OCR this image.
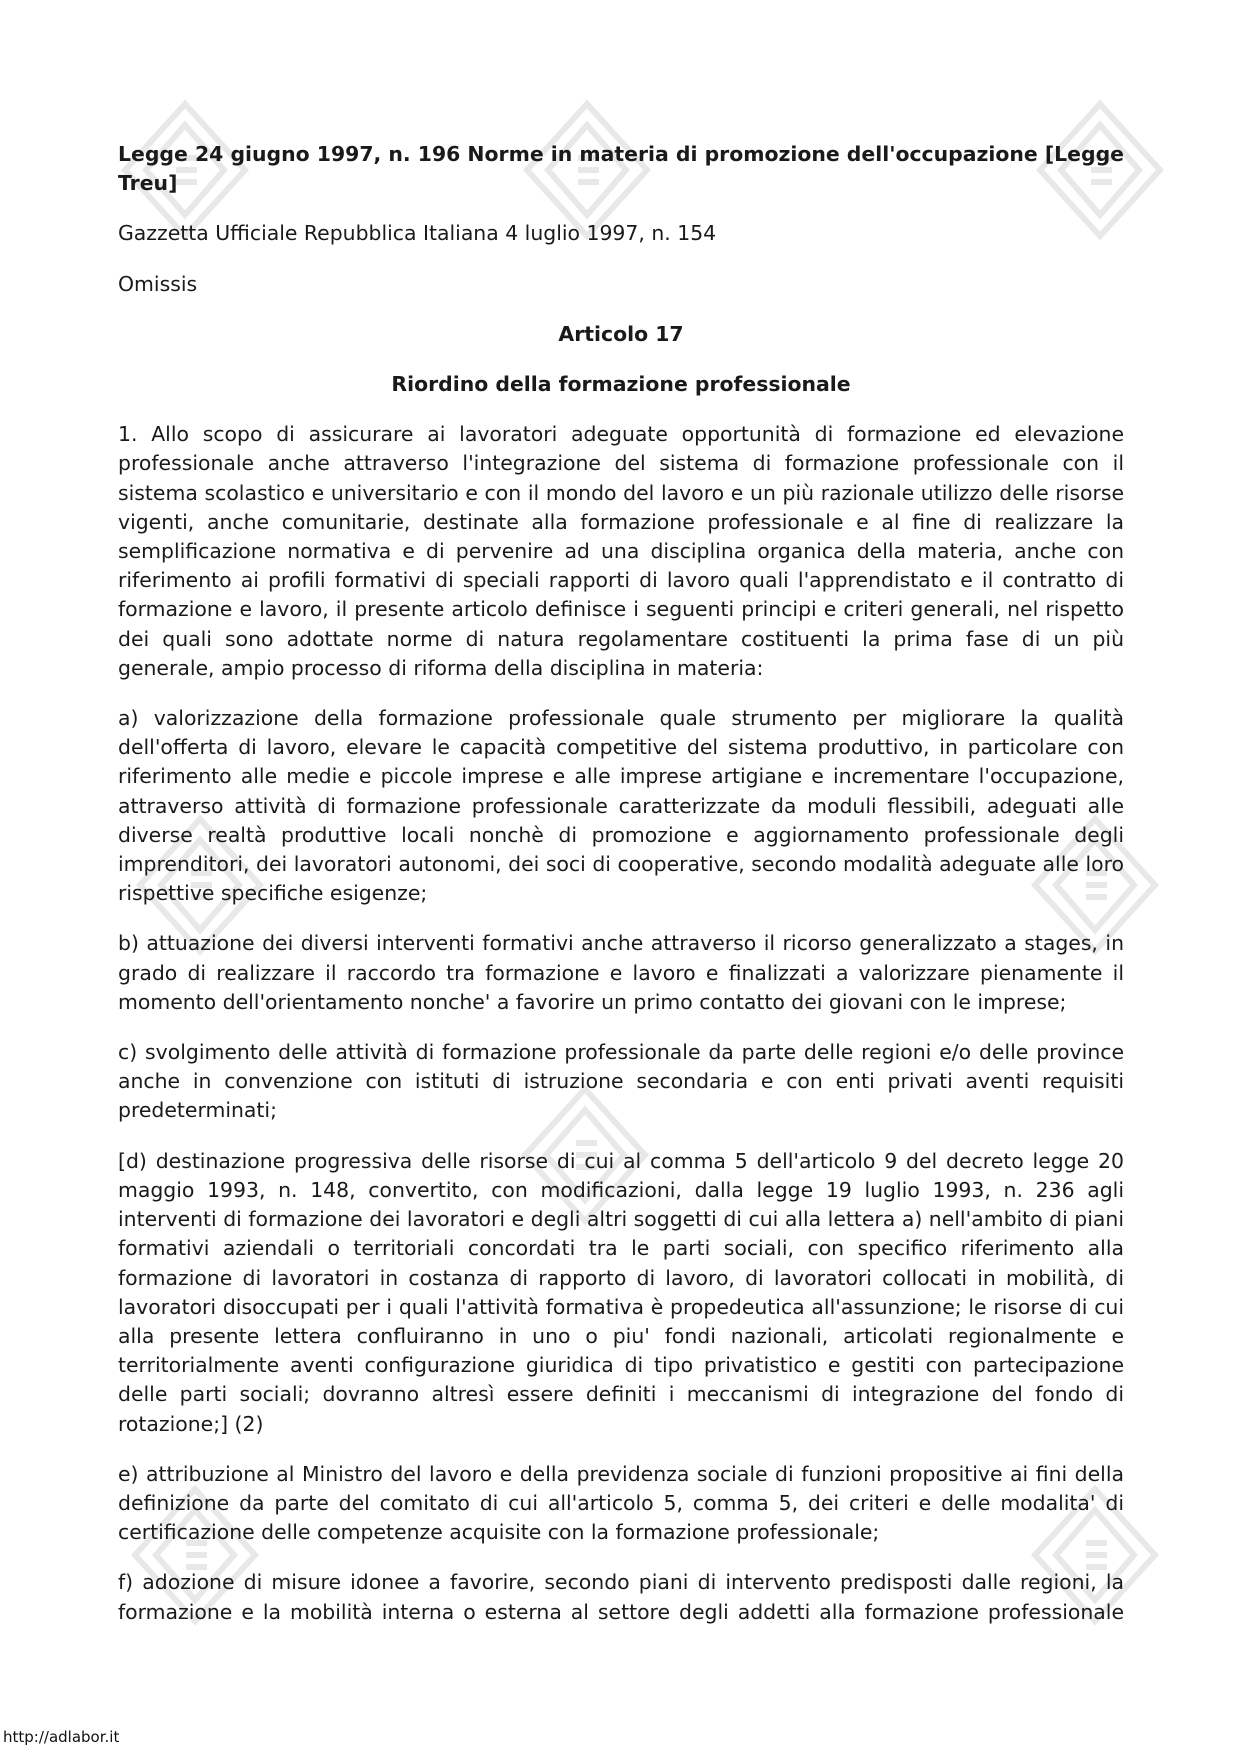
Legge 24 giugno 1997, n. 196 Norme in materia di promozione dell'occupazione [Legge Treu]

Gazzetta Ufficiale Repubblica Italiana 4 luglio 1997, n. 154

Omissis

Articolo 17

Riordino della formazione professionale

1. Allo scopo di assicurare ai lavoratori adeguate opportunità di formazione ed elevazione professionale anche attraverso l'integrazione del sistema di formazione professionale con il sistema scolastico e universitario e con il mondo del lavoro e un più razionale utilizzo delle risorse vigenti, anche comunitarie, destinate alla formazione professionale e al fine di realizzare la semplificazione normativa e di pervenire ad una disciplina organica della materia, anche con riferimento ai profili formativi di speciali rapporti di lavoro quali l'apprendistato e il contratto di formazione e lavoro, il presente articolo definisce i seguenti principi e criteri generali, nel rispetto dei quali sono adottate norme di natura regolamentare costituenti la prima fase di un più generale, ampio processo di riforma della disciplina in materia:

a) valorizzazione della formazione professionale quale strumento per migliorare la qualità dell'offerta di lavoro, elevare le capacità competitive del sistema produttivo, in particolare con riferimento alle medie e piccole imprese e alle imprese artigiane e incrementare l'occupazione, attraverso attività di formazione professionale caratterizzate da moduli flessibili, adeguati alle diverse realtà produttive locali nonchè di promozione e aggiornamento professionale degli imprenditori, dei lavoratori autonomi, dei soci di cooperative, secondo modalità adeguate alle loro rispettive specifiche esigenze;

b) attuazione dei diversi interventi formativi anche attraverso il ricorso generalizzato a stages, in grado di realizzare il raccordo tra formazione e lavoro e finalizzati a valorizzare pienamente il momento dell'orientamento nonche' a favorire un primo contatto dei giovani con le imprese;

c) svolgimento delle attività di formazione professionale da parte delle regioni e/o delle province anche in convenzione con istituti di istruzione secondaria e con enti privati aventi requisiti predeterminati;

[d) destinazione progressiva delle risorse di cui al comma 5 dell'articolo 9 del decreto legge 20 maggio 1993, n. 148, convertito, con modificazioni, dalla legge 19 luglio 1993, n. 236 agli interventi di formazione dei lavoratori e degli altri soggetti di cui alla lettera a) nell'ambito di piani formativi aziendali o territoriali concordati tra le parti sociali, con specifico riferimento alla formazione di lavoratori in costanza di rapporto di lavoro, di lavoratori collocati in mobilità, di lavoratori disoccupati per i quali l'attività formativa è propedeutica all'assunzione; le risorse di cui alla presente lettera confluiranno in uno o piu' fondi nazionali, articolati regionalmente e territorialmente aventi configurazione giuridica di tipo privatistico e gestiti con partecipazione delle parti sociali; dovranno altresì essere definiti i meccanismi di integrazione del fondo di rotazione;] (2)

e) attribuzione al Ministro del lavoro e della previdenza sociale di funzioni propositive ai fini della definizione da parte del comitato di cui all'articolo 5, comma 5, dei criteri e delle modalita' di certificazione delle competenze acquisite con la formazione professionale;

f) adozione di misure idonee a favorire, secondo piani di intervento predisposti dalle regioni, la formazione e la mobilità interna o esterna al settore degli addetti alla formazione professionale

http://adlabor.it
